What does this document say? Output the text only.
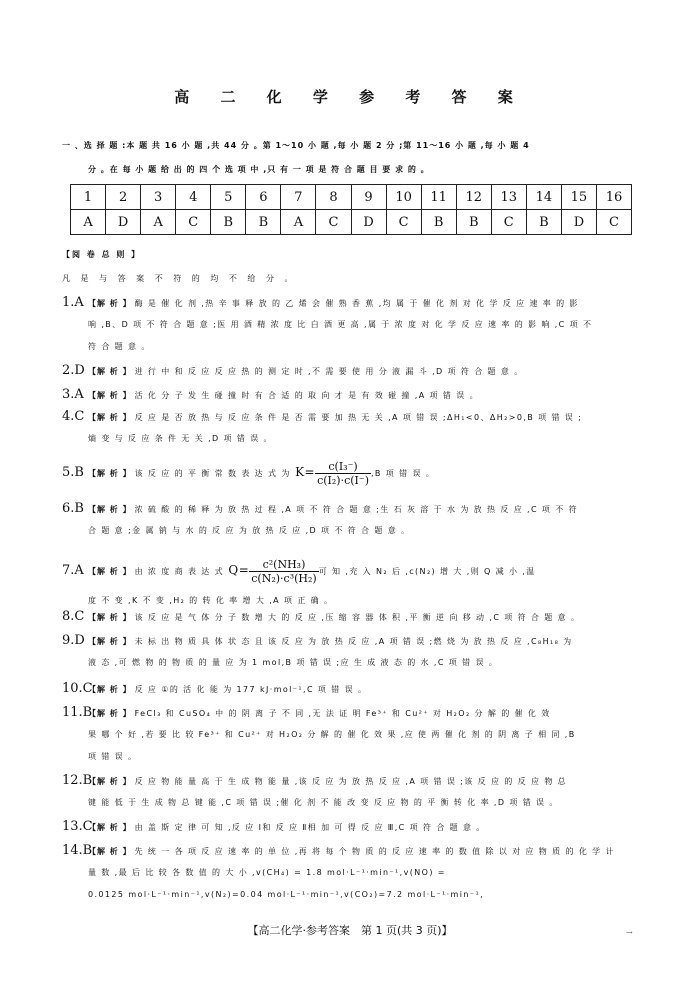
高 二 化 学 参 考 答 案
一 、选 择 题 :本 题 共 16 小 题 ,共 44 分 。第 1～10 小 题 ,每 小 题 2 分 ;第 11～16 小 题 ,每 小 题 4
分 。在 每 小 题 给 出 的 四 个 选 项 中 ,只 有 一 项 是 符 合 题 目 要 求 的 。
1	2	3	4	5	6	7	8	9	10	11	12	13	14	15	16
A	D	A	C	B	B	A	C	D	C	B	B	C	B	D	C
【阅 卷 总 则 】
凡 是 与 答 案 不 符 的 均 不 给 分 。
1.A 【解 析 】 酶 是 催 化 剂 ,热 辛 事 释 放 的 乙 烯 会 催 熟 香 蕉 ,均 属 于 催 化 剂 对 化 学 反 应 速 率 的 影
响 ,B、D 项 不 符 合 题 意 ;医 用 酒 精 浓 度 比 白 酒 更 高 ,属 于 浓 度 对 化 学 反 应 速 率 的 影 响 ,C 项 不
符 合 题 意 。
2.D 【解 析 】 进 行 中 和 反 应 反 应 热 的 测 定 时 ,不 需 要 使 用 分 液 漏 斗 ,D 项 符 合 题 意 。
3.A 【解 析 】 活 化 分 子 发 生 碰 撞 时 有 合 适 的 取 向 才 是 有 效 碰 撞 ,A 项 错 误 。
4.C 【解 析 】 反 应 是 否 放 热 与 反 应 条 件 是 否 需 要 加 热 无 关 ,A 项 错 误 ;ΔH₁<0、ΔH₂>0,B 项 错 误 ;
熵 变 与 反 应 条 件 无 关 ,D 项 错 误 。
5.B 【解 析 】 该 反 应 的 平 衡 常 数 表 达 式 为 $K= \frac{\text{c(I₃⁻)}}{\text{c(I₂)·c(I⁻)}} ,B$ 项 错 误 。
6.B 【解 析 】 浓 硫 酸 的 稀 释 为 放 热 过 程 ,A 项 不 符 合 题 意 ;生 石 灰 溶 于 水 为 放 热 反 应 ,C 项 不 符
合 题 意 ;金 属 钠 与 水 的 反 应 为 放 热 反 应 ,D 项 不 符 合 题 意 。
7.A 【解 析 】 由 浓 度 商 表 达 式 $Q= \frac{\text{c²(NH₃)}}{\text{c(N₂)·c³(H₂)}}$ 可 知 ,充 入 N₂ 后 ,c(N₂) 增 大 ,则 Q 减 小 ,温
度 不 变 ,K 不 变 ,H₂ 的 转 化 率 增 大 ,A 项 正 确 。
8.C 【解 析 】 该 反 应 是 气 体 分 子 数 增 大 的 反 应 ,压 缩 容 器 体 积 ,平 衡 逆 向 移 动 ,C 项 符 合 题 意 。
9.D 【解 析 】 未 标 出 物 质 具 体 状 态 且 该 反 应 为 放 热 反 应 ,A 项 错 误 ;燃 烧 为 放 热 反 应 ,C₈H₁₈ 为
液 态 ,可 燃 物 的 物 质 的 量 应 为 1 mol,B 项 错 误 ;应 生 成 液 态 的 水 ,C 项 错 误 。
10.C【解 析 】 反 应 ①的 活 化 能 为 177 kJ·mol⁻¹,C 项 错 误 。
11.B【解 析 】 FeCl₃ 和 CuSO₄ 中 的 阴 离 子 不 同 ,无 法 证 明 Fe³⁺ 和 Cu²⁺ 对 H₂O₂ 分 解 的 催 化 效
果 哪 个 好 ,若 要 比 较 Fe³⁺ 和 Cu²⁺ 对 H₂O₂ 分 解 的 催 化 效 果 ,应 使 两 催 化 剂 的 阴 离 子 相 同 ,B
项 错 误 。
12.B【解 析 】 反 应 物 能 量 高 于 生 成 物 能 量 ,该 反 应 为 放 热 反 应 ,A 项 错 误 ;该 反 应 的 反 应 物 总
键 能 低 于 生 成 物 总 键 能 ,C 项 错 误 ;催 化 剂 不 能 改 变 反 应 物 的 平 衡 转 化 率 ,D 项 错 误 。
13.C【解 析 】 由 盖 斯 定 律 可 知 ,反 应 Ⅰ和 反 应 Ⅱ相 加 可 得 反 应 Ⅲ,C 项 符 合 题 意 。
14.B【解 析 】 先 统 一 各 项 反 应 速 率 的 单 位 ,再 将 每 个 物 质 的 反 应 速 率 的 数 值 除 以 对 应 物 质 的 化 学 计
量 数 ,最 后 比 较 各 数 值 的 大 小 ,v(CH₄) = 1.8 mol·L⁻¹·min⁻¹,v(NO) =
0.0125 mol·L⁻¹·min⁻¹,v(N₂)=0.04 mol·L⁻¹·min⁻¹,v(CO₂)=7.2 mol·L⁻¹·min⁻¹,
【高二化学·参考答案　第 1 页(共 3 页)】	→
